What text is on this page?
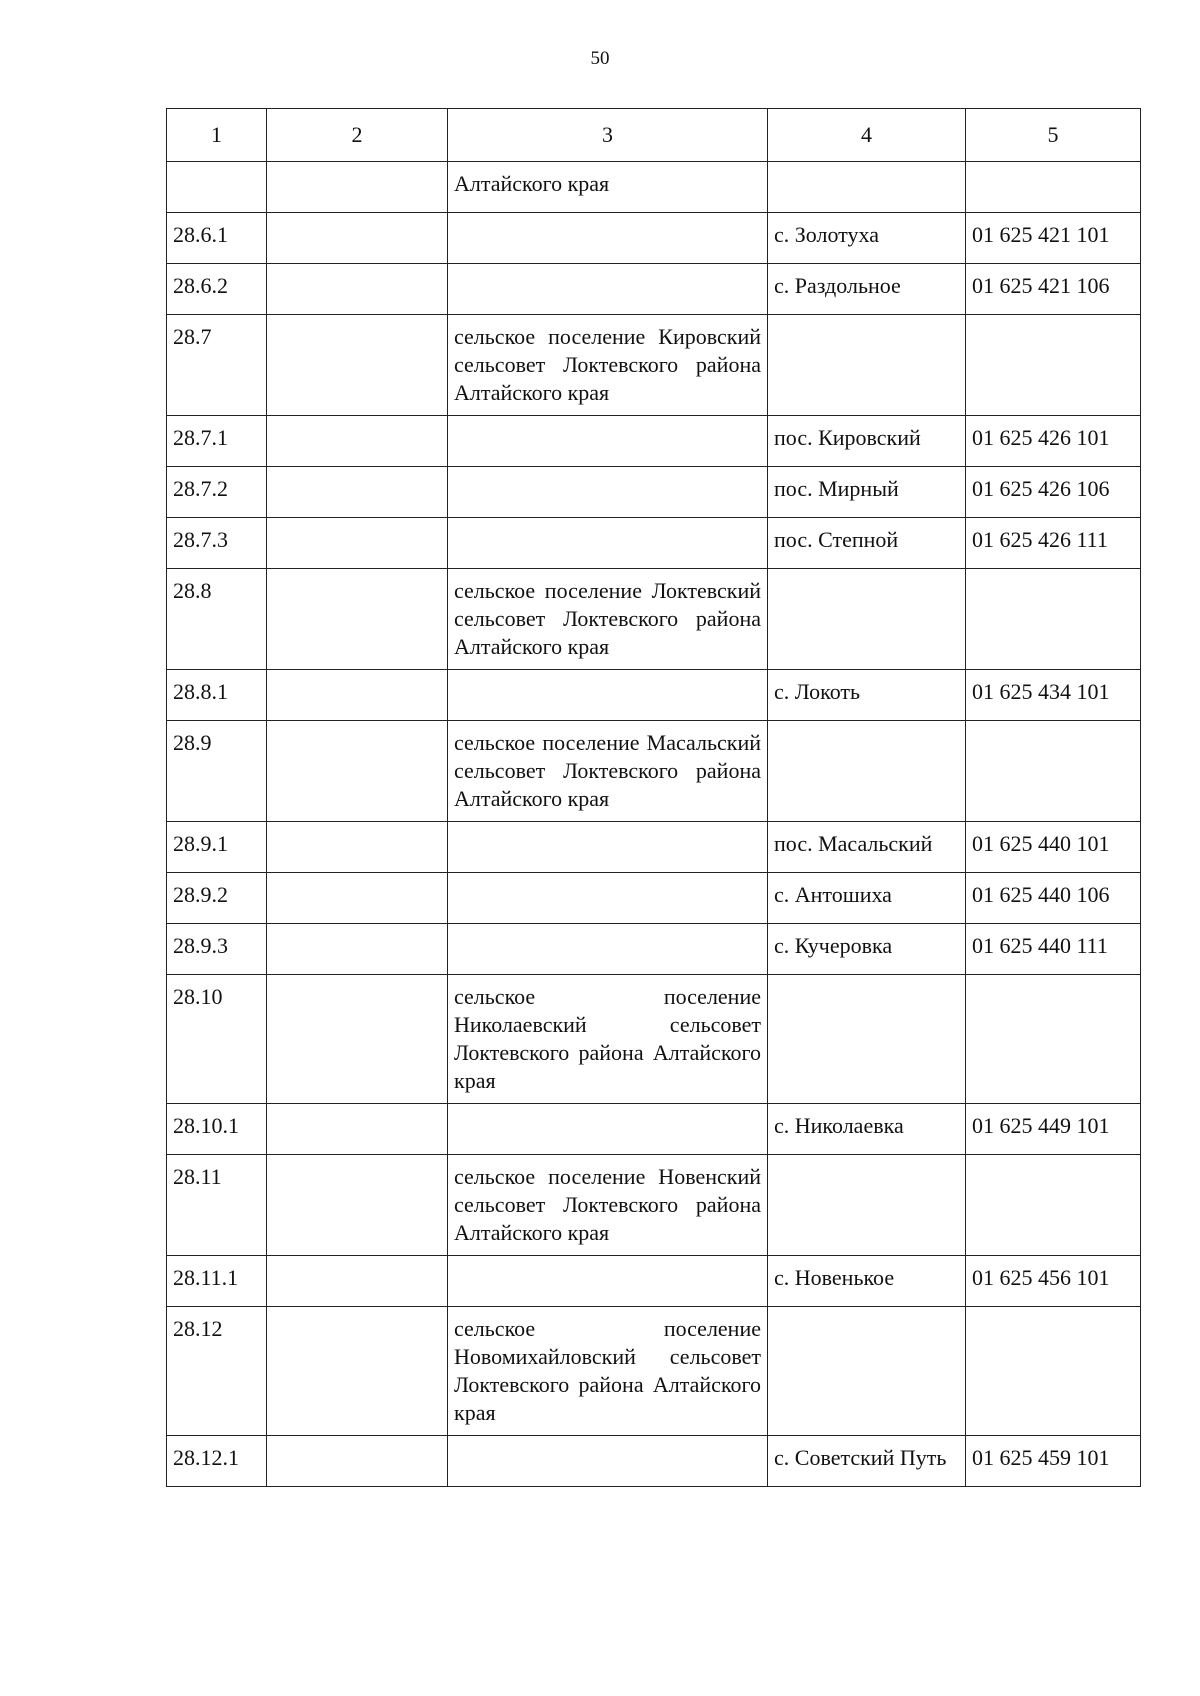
50
1	2	3	4	5
		Алтайского края		
28.6.1			с. Золотуха	01 625 421 101
28.6.2			с. Раздольное	01 625 421 106
28.7		сельское поселение Кировский сельсовет Локтевского района Алтайского края		
28.7.1			пос. Кировский	01 625 426 101
28.7.2			пос. Мирный	01 625 426 106
28.7.3			пос. Степной	01 625 426 111
28.8		сельское поселение Локтевский сельсовет Локтевского района Алтайского края		
28.8.1			с. Локоть	01 625 434 101
28.9		сельское поселение Масальский сельсовет Локтевского района Алтайского края		
28.9.1			пос. Масальский	01 625 440 101
28.9.2			с. Антошиха	01 625 440 106
28.9.3			с. Кучеровка	01 625 440 111
28.10		сельское поселение Николаевский сельсовет Локтевского района Алтайского края		
28.10.1			с. Николаевка	01 625 449 101
28.11		сельское поселение Новенский сельсовет Локтевского района Алтайского края		
28.11.1			с. Новенькое	01 625 456 101
28.12		сельское поселение Новомихайловский сельсовет Локтевского района Алтайского края		
28.12.1			с. Советский Путь	01 625 459 101
